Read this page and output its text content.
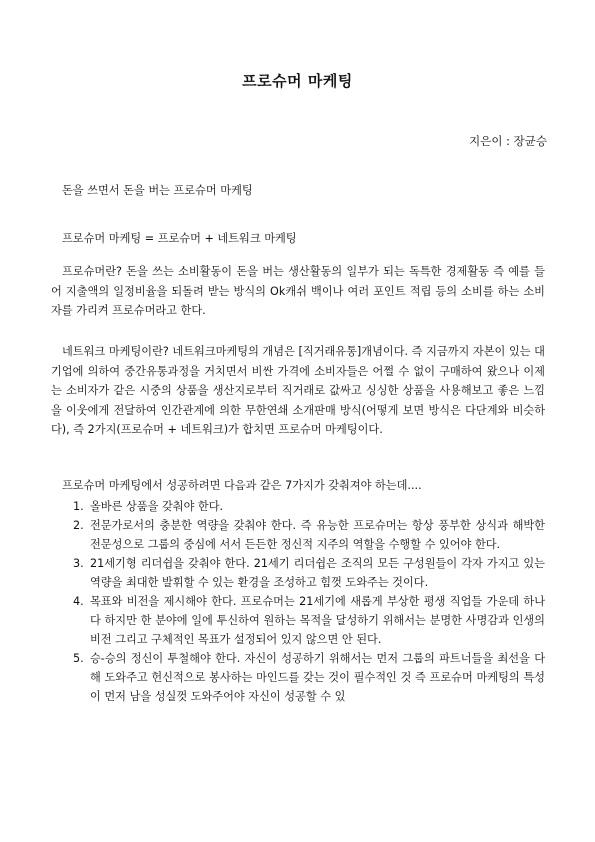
프로슈머 마케팅
지은이 : 장균승
돈을 쓰면서 돈을 버는 프로슈머 마케팅
프로슈머 마케팅 = 프로슈머 + 네트워크 마케팅
프로슈머란? 돈을 쓰는 소비활동이 돈을 버는 생산활동의 일부가 되는 독특한 경제활동 즉 예를 들어 지출액의 일정비율을 되돌려 받는 방식의 Ok캐쉬 백이나 여러 포인트 적립 등의 소비를 하는 소비자를 가리켜 프로슈머라고 한다.
네트워크 마케팅이란? 네트워크마케팅의 개념은 [직거래유통]개념이다. 즉 지금까지 자본이 있는 대기업에 의하여 중간유통과정을 거치면서 비싼 가격에 소비자들은 어쩔 수 없이 구매하여 왔으나 이제는 소비자가 같은 시중의 상품을 생산지로부터 직거래로 값싸고 싱싱한 상품을 사용해보고 좋은 느낌을 이웃에게 전달하여 인간관계에 의한 무한연쇄 소개판매 방식(어떻게 보면 방식은 다단계와 비슷하다), 즉 2가지(프로슈머 + 네트워크)가 합치면 프로슈머 마케팅이다.
프로슈머 마케팅에서 성공하려면 다음과 같은 7가지가 갖춰져야 하는데....
1. 올바른 상품을 갖춰야 한다.
2. 전문가로서의 충분한 역량을 갖춰야 한다. 즉 유능한 프로슈머는 항상 풍부한 상식과 해박한 전문성으로 그룹의 중심에 서서 든든한 정신적 지주의 역할을 수행할 수 있어야 한다.
3. 21세기형 리더쉽을 갖춰야 한다. 21세기 리더쉽은 조직의 모든 구성원들이 각자 가지고 있는 역량을 최대한 발휘할 수 있는 환경을 조성하고 힘껏 도와주는 것이다.
4. 목표와 비전을 제시해야 한다. 프로슈머는 21세기에 새롭게 부상한 평생 직업들 가운데 하나다 하지만 한 분야에 일에 투신하여 원하는 목적을 달성하기 위해서는 분명한 사명감과 인생의 비전 그리고 구체적인 목표가 설정되어 있지 않으면 안 된다.
5. 승-승의 정신이 투철해야 한다. 자신이 성공하기 위해서는 먼저 그룹의 파트너들을 최선을 다해 도와주고 헌신적으로 봉사하는 마인드를 갖는 것이 필수적인 것 즉 프로슈머 마케팅의 특성이 먼저 남을 성실껏 도와주어야 자신이 성공할 수 있
